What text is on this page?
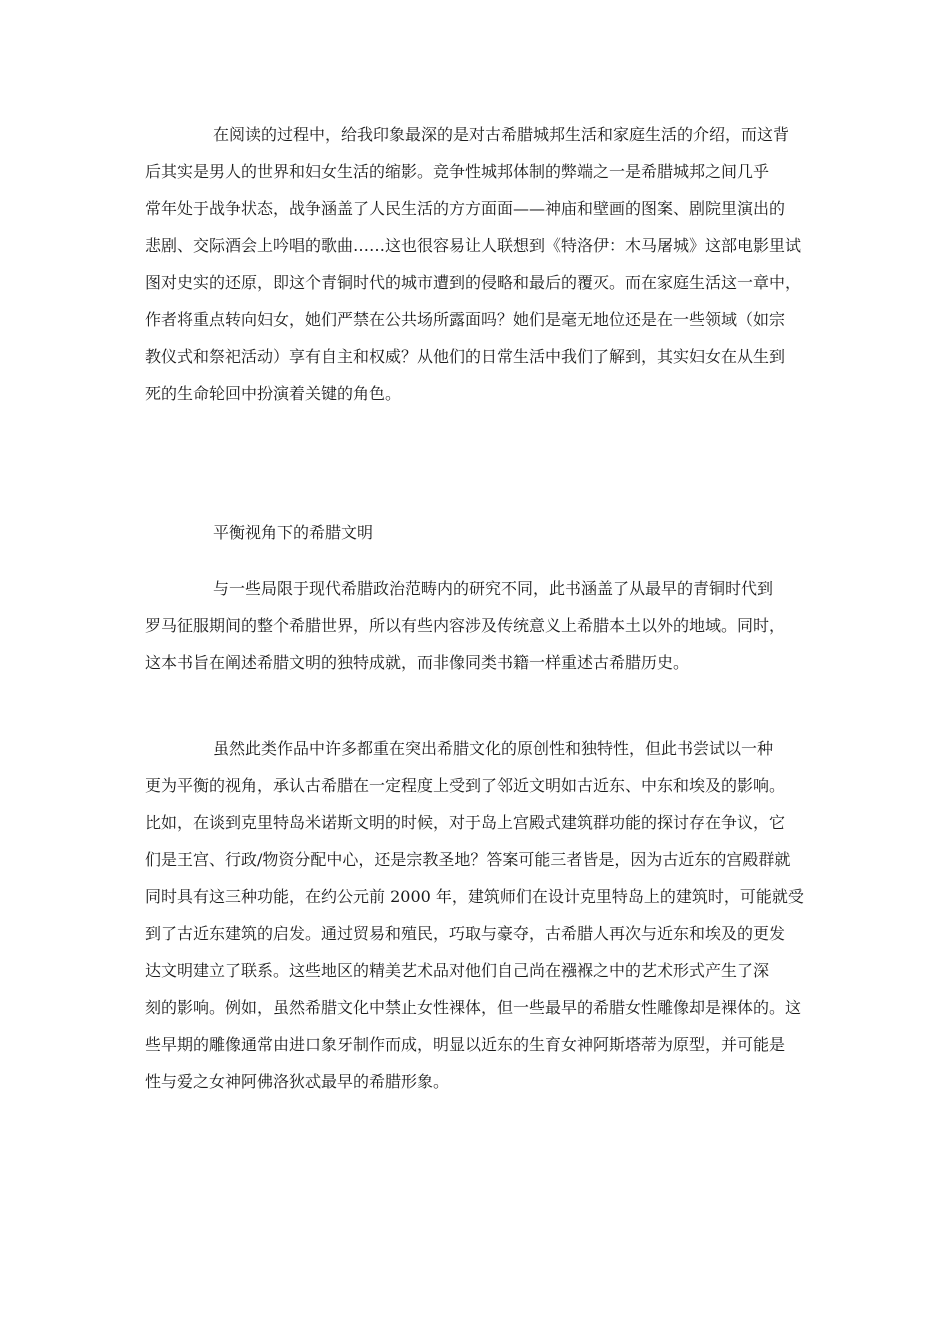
在阅读的过程中，给我印象最深的是对古希腊城邦生活和家庭生活的介绍，而这背
后其实是男人的世界和妇女生活的缩影。竞争性城邦体制的弊端之一是希腊城邦之间几乎
常年处于战争状态，战争涵盖了人民生活的方方面面——神庙和壁画的图案、剧院里演出的
悲剧、交际酒会上吟唱的歌曲……这也很容易让人联想到《特洛伊：木马屠城》这部电影里试
图对史实的还原，即这个青铜时代的城市遭到的侵略和最后的覆灭。而在家庭生活这一章中，
作者将重点转向妇女，她们严禁在公共场所露面吗？她们是毫无地位还是在一些领域（如宗
教仪式和祭祀活动）享有自主和权威？从他们的日常生活中我们了解到，其实妇女在从生到
死的生命轮回中扮演着关键的角色。
平衡视角下的希腊文明
与一些局限于现代希腊政治范畴内的研究不同，此书涵盖了从最早的青铜时代到
罗马征服期间的整个希腊世界，所以有些内容涉及传统意义上希腊本土以外的地域。同时，
这本书旨在阐述希腊文明的独特成就，而非像同类书籍一样重述古希腊历史。
虽然此类作品中许多都重在突出希腊文化的原创性和独特性，但此书尝试以一种
更为平衡的视角，承认古希腊在一定程度上受到了邻近文明如古近东、中东和埃及的影响。
比如，在谈到克里特岛米诺斯文明的时候，对于岛上宫殿式建筑群功能的探讨存在争议，它
们是王宫、行政/物资分配中心，还是宗教圣地？答案可能三者皆是，因为古近东的宫殿群就
同时具有这三种功能，在约公元前 2000 年，建筑师们在设计克里特岛上的建筑时，可能就受
到了古近东建筑的启发。通过贸易和殖民，巧取与豪夺，古希腊人再次与近东和埃及的更发
达文明建立了联系。这些地区的精美艺术品对他们自己尚在襁褓之中的艺术形式产生了深
刻的影响。例如，虽然希腊文化中禁止女性裸体，但一些最早的希腊女性雕像却是裸体的。这
些早期的雕像通常由进口象牙制作而成，明显以近东的生育女神阿斯塔蒂为原型，并可能是
性与爱之女神阿佛洛狄忒最早的希腊形象。
